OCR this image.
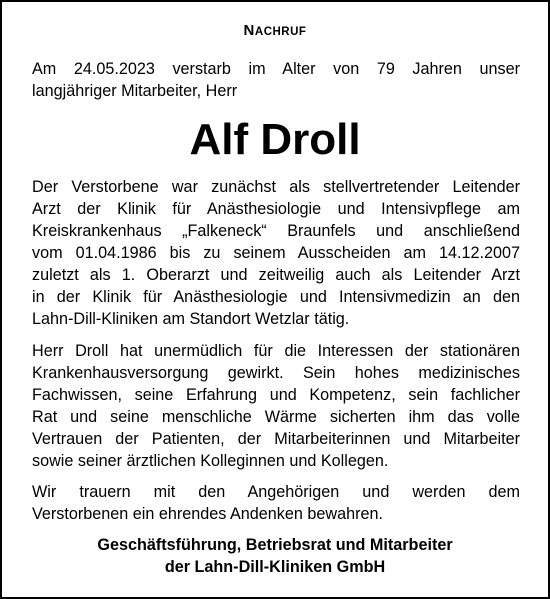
NACHRUF
Am 24.05.2023 verstarb im Alter von 79 Jahren unser
langjähriger Mitarbeiter, Herr
Alf Droll
Der Verstorbene war zunächst als stellvertretender Leitender
Arzt der Klinik für Anästhesiologie und Intensivpflege am
Kreiskrankenhaus „Falkeneck“ Braunfels und anschließend
vom 01.04.1986 bis zu seinem Ausscheiden am 14.12.2007
zuletzt als 1. Oberarzt und zeitweilig auch als Leitender Arzt
in der Klinik für Anästhesiologie und Intensivmedizin an den
Lahn-Dill-Kliniken am Standort Wetzlar tätig.
Herr Droll hat unermüdlich für die Interessen der stationären
Krankenhausversorgung gewirkt. Sein hohes medizinisches
Fachwissen, seine Erfahrung und Kompetenz, sein fachlicher
Rat und seine menschliche Wärme sicherten ihm das volle
Vertrauen der Patienten, der Mitarbeiterinnen und Mitarbeiter
sowie seiner ärztlichen Kolleginnen und Kollegen.
Wir trauern mit den Angehörigen und werden dem
Verstorbenen ein ehrendes Andenken bewahren.
Geschäftsführung, Betriebsrat und Mitarbeiter
der Lahn-Dill-Kliniken GmbH
